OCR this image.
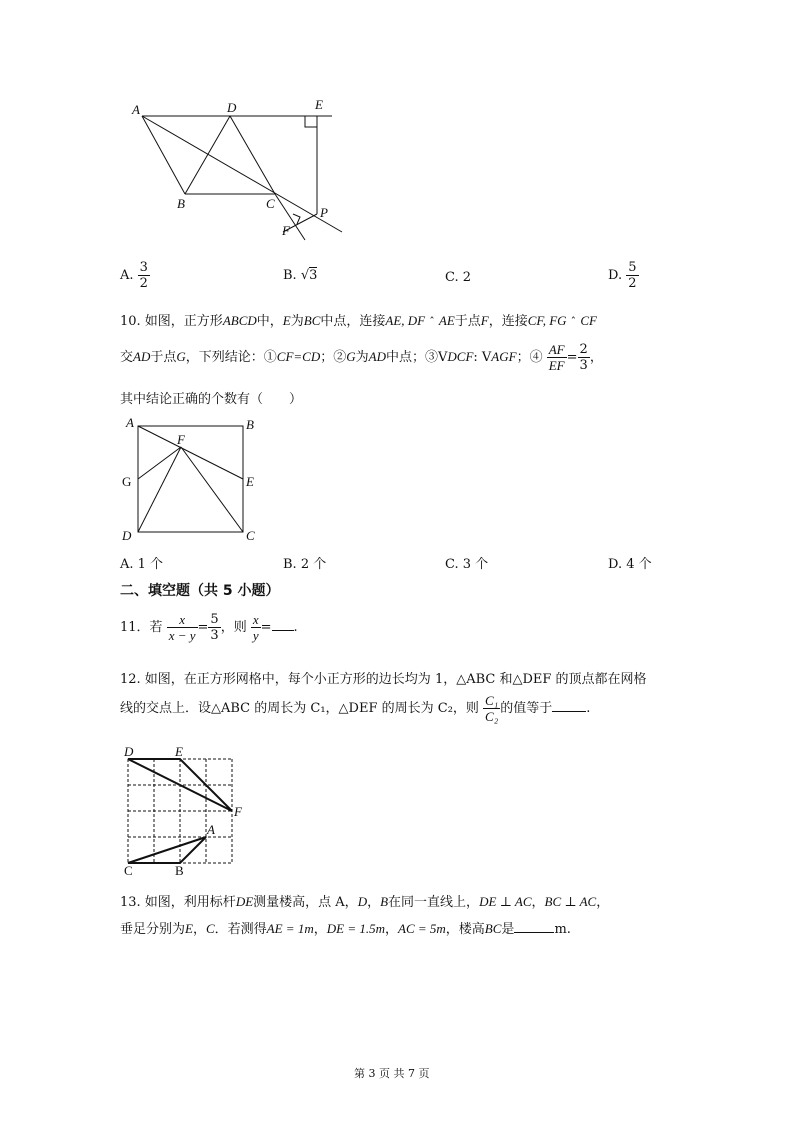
A	D	E
B	C
F
P
A. $\frac{3}{2}$	B. √3	C. 2	D. $\frac{5}{2}$
10. 如图，正方形ABCD中，E为BC中点，连接AE, DF ˆ AE于点F，连接CF, FG ˆ CF
交AD于点G，下列结论：①CF=CD；②G为AD中点；③VDCF: VAGF；④ $\frac{AF}{EF} = \frac{2}{3}$ ，
其中结论正确的个数有（　　）
A	B
F
G	E
D	C
A. 1 个	B. 2 个	C. 3 个	D. 4 个
二、填空题（共 5 小题）
11．若 $\frac{x}{x - y} = \frac{5}{3}$ ，则 $\frac{x}{y}$ = .
12. 如图，在正方形网格中，每个小正方形的边长均为 1，△ABC 和△DEF 的顶点都在网格
线的交点上．设△ABC 的周长为 C₁，△DEF 的周长为 C₂，则 $\frac{\text{C₁}}{\text{C₂}}$ 的值等于	.
D	E
F
A
C	B
13. 如图，利用标杆DE测量楼高，点 A，D，B在同一直线上，DE ⊥ AC，BC ⊥ AC，
垂足分别为E，C．若测得AE = 1m，DE = 1.5m，AC = 5m，楼高BC是	m.
第 3 页 共 7 页
